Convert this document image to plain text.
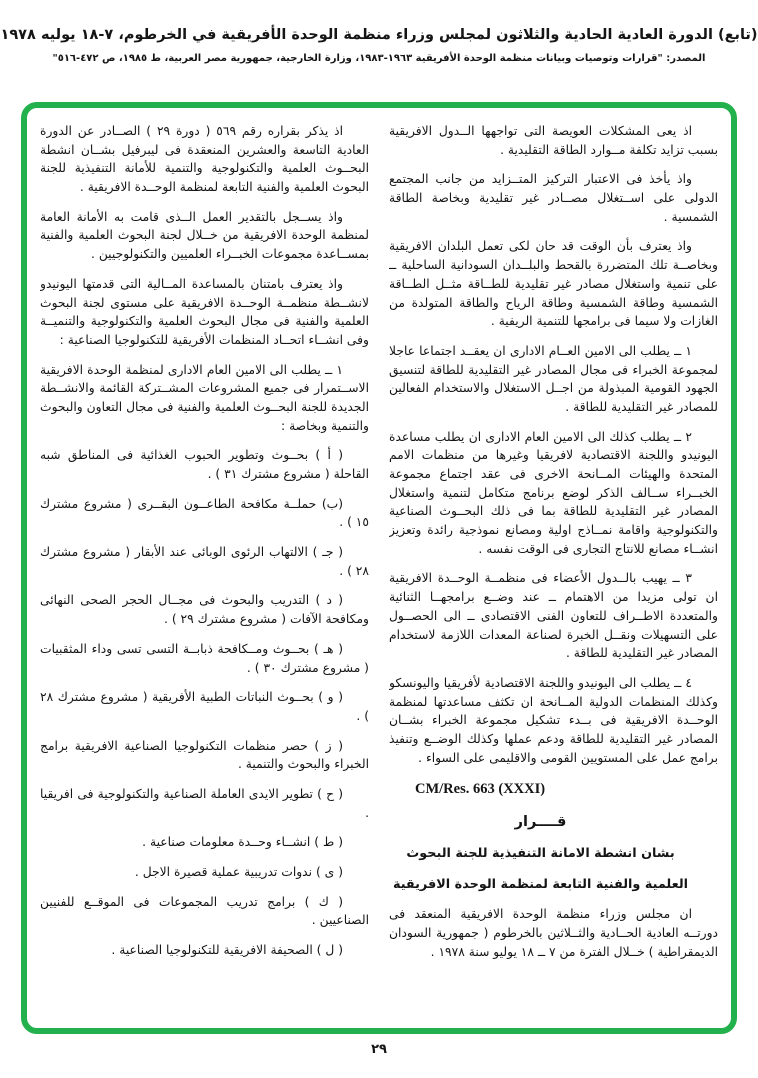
(تابع) الدورة العادية الحادية والثلاثون لمجلس وزراء منظمة الوحدة الأفريقية في الخرطوم، ٧-١٨ يوليه ١٩٧٨
المصدر: "قرارات وتوصيات وبيانات منظمة الوحدة الأفريقية ١٩٦٣-١٩٨٣، وزارة الخارجية، جمهورية مصر العربية، ط ١٩٨٥، ص ٤٧٢-٥١٦"

اذ يعى المشكلات العويصة التى تواجهها الــدول الافريقية بسبب تزايد تكلفة مــوارد الطاقة التقليدية .

واذ يأخذ فى الاعتبار التركيز المتــزايد من جانب المجتمع الدولى على اســتغلال مصــادر غير تقليدية وبخاصة الطاقة الشمسية .

واذ يعترف بأن الوقت قد حان لكى تعمل البلدان الافريقية وبخاصــة تلك المتضررة بالقحط والبلــدان السودانية الساحلية ــ على تنمية واستغلال مصادر غير تقليدية للطــاقة مثــل الطــاقة الشمسية وطاقة الشمسية وطاقة الرياح والطاقة المتولدة من الغازات ولا سيما فى برامجها للتنمية الريفية .

١ ــ يطلب الى الامين العــام الادارى ان يعقــد اجتماعا عاجلا لمجموعة الخبراء فى مجال المصادر غير التقليدية للطاقة لتنسيق الجهود القومية المبذولة من اجــل الاستغلال والاستخدام الفعالين للمصادر غير التقليدية للطاقة .

٢ ــ يطلب كذلك الى الامين العام الادارى ان يطلب مساعدة اليونيدو واللجنة الاقتصادية لافريقيا وغيرها من منظمات الامم المتحدة والهيئات المــانحة الاخرى فى عقد اجتماع مجموعة الخبــراء ســالف الذكر لوضع برنامج متكامل لتنمية واستغلال المصادر غير التقليدية للطاقة بما فى ذلك البحــوث الصناعية والتكنولوجية واقامة نمــاذج اولية ومصانع نموذجية رائدة وتعزيز انشــاء مصانع للانتاج التجارى فى الوقت نفسه .

٣ ــ يهيب بالــدول الأعضاء فى منظمــة الوحــدة الافريقية ان تولى مزيدا من الاهتمام ــ عند وضــع برامجهــا الثنائية والمتعددة الاطــراف للتعاون الفنى الاقتصادى ــ الى الحصــول على التسهيلات ونقــل الخبرة لصناعة المعدات اللازمة لاستخدام المصادر غير التقليدية للطاقة .

٤ ــ يطلب الى اليونيدو واللجنة الاقتصادية لأفريقيا واليونسكو وكذلك المنظمات الدولية المــانحة ان تكثف مساعدتها لمنظمة الوحــدة الافريقية فى بــدء تشكيل مجموعة الخبراء بشــان المصادر غير التقليدية للطاقة ودعم عملها وكذلك الوضــع وتنفيذ برامج عمل على المستويين القومى والاقليمى على السواء .

CM/Res. 663 (XXXI)

قــــرار

بشان انشطة الامانة التنفيذية للجنة البحوث

العلمية والفنية التابعة لمنظمة الوحدة الافريقية

ان مجلس وزراء منظمة الوحدة الافريقية المنعقد فى دورتــه العادية الحــادية والثــلاثين بالخرطوم ( جمهورية السودان الديمقراطية ) خــلال الفترة من ٧ ــ ١٨ يوليو سنة ١٩٧٨ .

اذ يذكر بقراره رقم ٥٦٩ ( دورة ٢٩ ) الصــادر عن الدورة العادية التاسعة والعشرين المنعقدة فى ليبرفيل بشــان انشطة البحــوث العلمية والتكنولوجية والتنمية للأمانة التنفيذية للجنة البحوث العلمية والفنية التابعة لمنظمة الوحــدة الافريقية .

واذ يســجل بالتقدير العمل الــذى قامت به الأمانة العامة لمنظمة الوحدة الافريقية من خــلال لجنة البحوث العلمية والفنية بمســاعدة مجموعات الخبــراء العلميين والتكنولوجيين .

واذ يعترف بامتنان بالمساعدة المــالية التى قدمتها اليونيدو لانشــطة منظمــة الوحــدة الافريقية على مستوى لجنة البحوث العلمية والفنية فى مجال البحوث العلمية والتكنولوجية والتنميــة وفى انشــاء اتحــاد المنظمات الأفريقية للتكنولوجيا الصناعية :

١ ــ يطلب الى الامين العام الادارى لمنظمة الوحدة الافريقية الاســتمرار فى جميع المشروعات المشــتركة القائمة والانشــطة الجديدة للجنة البحــوث العلمية والفنية فى مجال التعاون والبحوث والتنمية وبخاصة :

( أ ) بحــوث وتطوير الحبوب الغذائية فى المناطق شبه القاحلة ( مشروع مشترك ٣١ ) .

(ب) حملــة مكافحة الطاعــون البقــرى ( مشروع مشترك ١٥ ) .

( جـ ) الالتهاب الرئوى الوبائى عند الأبقار ( مشروع مشترك ٢٨ ) .

( د ) التدريب والبحوث فى مجــال الحجر الصحى النهائى ومكافحة الآفات ( مشروع مشترك ٢٩ ) .

( هـ ) بحــوث ومــكافحة ذبابــة التسى تسى وداء المثقبيات ( مشروع مشترك ٣٠ ) .

( و ) بحــوث النباتات الطبية الأفريقية ( مشروع مشترك ٢٨ ) .

( ز ) حصر منظمات التكنولوجيا الصناعية الافريقية برامج الخبراء والبحوث والتنمية .

( ح ) تطوير الايدى العاملة الصناعية والتكنولوجية فى افريقيا .

( ط ) انشــاء وحــدة معلومات صناعية .

( ى ) ندوات تدريبية عملية قصيرة الاجل .

( ك ) برامج تدريب المجموعات فى الموقــع للفنيين الصناعيين .

( ل ) الصحيفة الافريقية للتكنولوجيا الصناعية .

٢٩
